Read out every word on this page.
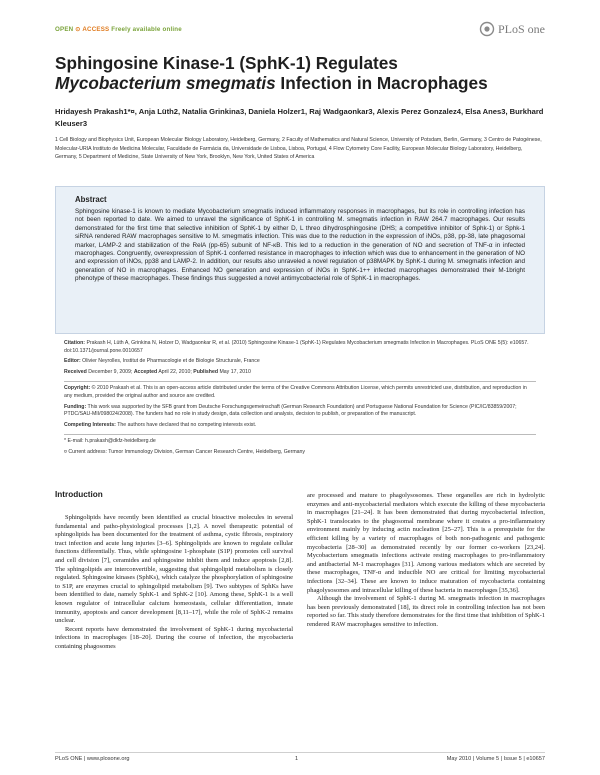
OPEN ⊙ ACCESS Freely available online	PLoS one
Sphingosine Kinase-1 (SphK-1) Regulates Mycobacterium smegmatis Infection in Macrophages
Hridayesh Prakash1*¤, Anja Lüth2, Natalia Grinkina3, Daniela Holzer1, Raj Wadgaonkar3, Alexis Perez Gonzalez4, Elsa Anes3, Burkhard Kleuser3
1 Cell Biology and Biophysics Unit, European Molecular Biology Laboratory, Heidelberg, Germany, 2 Faculty of Mathematics and Natural Science, University of Potsdam, Berlin, Germany, 3 Centro de Patogénese, Molecular-URIA Instituto de Medicina Molecular, Faculdade de Farmácia da, Universidade de Lisboa, Lisboa, Portugal, 4 Flow Cytometry Core Facility, European Molecular Biology Laboratory, Heidelberg, Germany, 5 Department of Medicine, State University of New York, Brooklyn, New York, United States of America
Abstract

Sphingosine kinase-1 is known to mediate Mycobacterium smegmatis induced inflammatory responses in macrophages, but its role in controlling infection has not been reported to date. We aimed to unravel the significance of SphK-1 in controlling M. smegmatis infection in RAW 264.7 macrophages. Our results demonstrated for the first time that selective inhibition of SphK-1 by either D, L threo dihydrosphingosine (DHS; a competitive inhibitor of Sphk-1) or Sphk-1 siRNA rendered RAW macrophages sensitive to M. smegmatis infection. This was due to the reduction in the expression of iNOs, p38, pp-38, late phagosomal marker, LAMP-2 and stabilization of the RelA (pp-65) subunit of NF-κB. This led to a reduction in the generation of NO and secretion of TNF-α in infected macrophages. Congruently, overexpression of SphK-1 conferred resistance in macrophages to infection which was due to enhancement in the generation of NO and expression of iNOs, pp38 and LAMP-2. In addition, our results also unraveled a novel regulation of p38MAPK by SphK-1 during M. smegmatis infection and generation of NO in macrophages. Enhanced NO generation and expression of iNOs in SphK-1++ infected macrophages demonstrated their M-1bright phenotype of these macrophages. These findings thus suggested a novel antimycobacterial role of SphK-1 in macrophages.

Citation: Prakash H, Lüth A, Grinkina N, Holzer D, Wadgaonkar R, et al. (2010) Sphingosine Kinase-1 (SphK-1) Regulates Mycobacterium smegmatis Infection in Macrophages. PLoS ONE 5(5): e10657. doi:10.1371/journal.pone.0010657
Editor: Olivier Neyrolles, Institut de Pharmacologie et de Biologie Structurale, France
Received December 9, 2009; Accepted April 22, 2010; Published May 17, 2010
Copyright: © 2010 Prakash et al. This is an open-access article distributed under the terms of the Creative Commons Attribution License, which permits unrestricted use, distribution, and reproduction in any medium, provided the original author and source are credited.
Funding: This work was supported by the SFB grant from Deutsche Forschungsgemeinschaft (German Research Foundation) and Portuguese National Foundation for Science (PIC/IC/83859/2007; PTDC/SAU-MII/098024/2008). The funders had no role in study design, data collection and analysis, decision to publish, or preparation of the manuscript.
Competing Interests: The authors have declared that no competing interests exist.
* E-mail: h.prakash@dkfz-heidelberg.de
¤ Current address: Tumor Immunology Division, German Cancer Research Centre, Heidelberg, Germany
Introduction

Sphingolipids have recently been identified as crucial bioactive molecules in several fundamental and patho-physiological processes [1,2]. A novel therapeutic potential of sphingolipids has been documented for the treatment of asthma, cystic fibrosis, respiratory tract infection and acute lung injuries [3–6]. Sphingolipids are known to regulate cellular functions differentially. Thus, while sphingosine 1-phosphate (S1P) promotes cell survival and cell division [7], ceramides and sphingosine inhibit them and induce apoptosis [2,8]. The sphingolipids are interconvertible, suggesting that sphingolipid metabolism is closely regulated. Sphingosine kinases (SphKs), which catalyze the phosphorylation of sphingosine to S1P, are enzymes crucial to sphingolipid metabolism [9]. Two subtypes of SphKs have been identified to date, namely SphK-1 and SphK-2 [10]. Among these, SphK-1 is a well known regulator of intracellular calcium homeostasis, cellular differentiation, innate immunity, apoptosis and cancer development [8,11–17], while the role of SphK-2 remains unclear.

Recent reports have demonstrated the involvement of SphK-1 during mycobacterial infections in macrophages [18–20]. During the course of infection, the mycobacteria containing phagosomes

are processed and mature to phagolysosomes. These organelles are rich in hydrolytic enzymes and anti-mycobacterial mediators which execute the killing of these mycobacteria in macrophages [21–24]. It has been demonstrated that during mycobacterial infection, SphK-1 translocates to the phagosomal membrane where it creates a pro-inflammatory environment mainly by inducing actin nucleation [25–27]. This is a prerequisite for the efficient killing by a variety of macrophages of both non-pathogenic and pathogenic mycobacteria [28–30] as demonstrated recently by our former co-workers [23,24]. Mycobacterium smegmatis infections activate resting macrophages to pro-inflammatory and antibacterial M-1 macrophages [31]. Among various mediators which are secreted by these macrophages, TNF-α and inducible NO are critical for limiting mycobacterial infections [32–34]. These are known to induce maturation of mycobacteria containing phagolysosomes and intracellular killing of these bacteria in macrophages [35,36].

Although the involvement of SphK-1 during M. smegmatis infection in macrophages has been previously demonstrated [18], its direct role in controlling infection has not been reported so far. This study therefore demonstrates for the first time that inhibition of SphK-1 rendered RAW macrophages sensitive to infection.

PLoS ONE | www.plosone.org	1	May 2010 | Volume 5 | Issue 5 | e10657
